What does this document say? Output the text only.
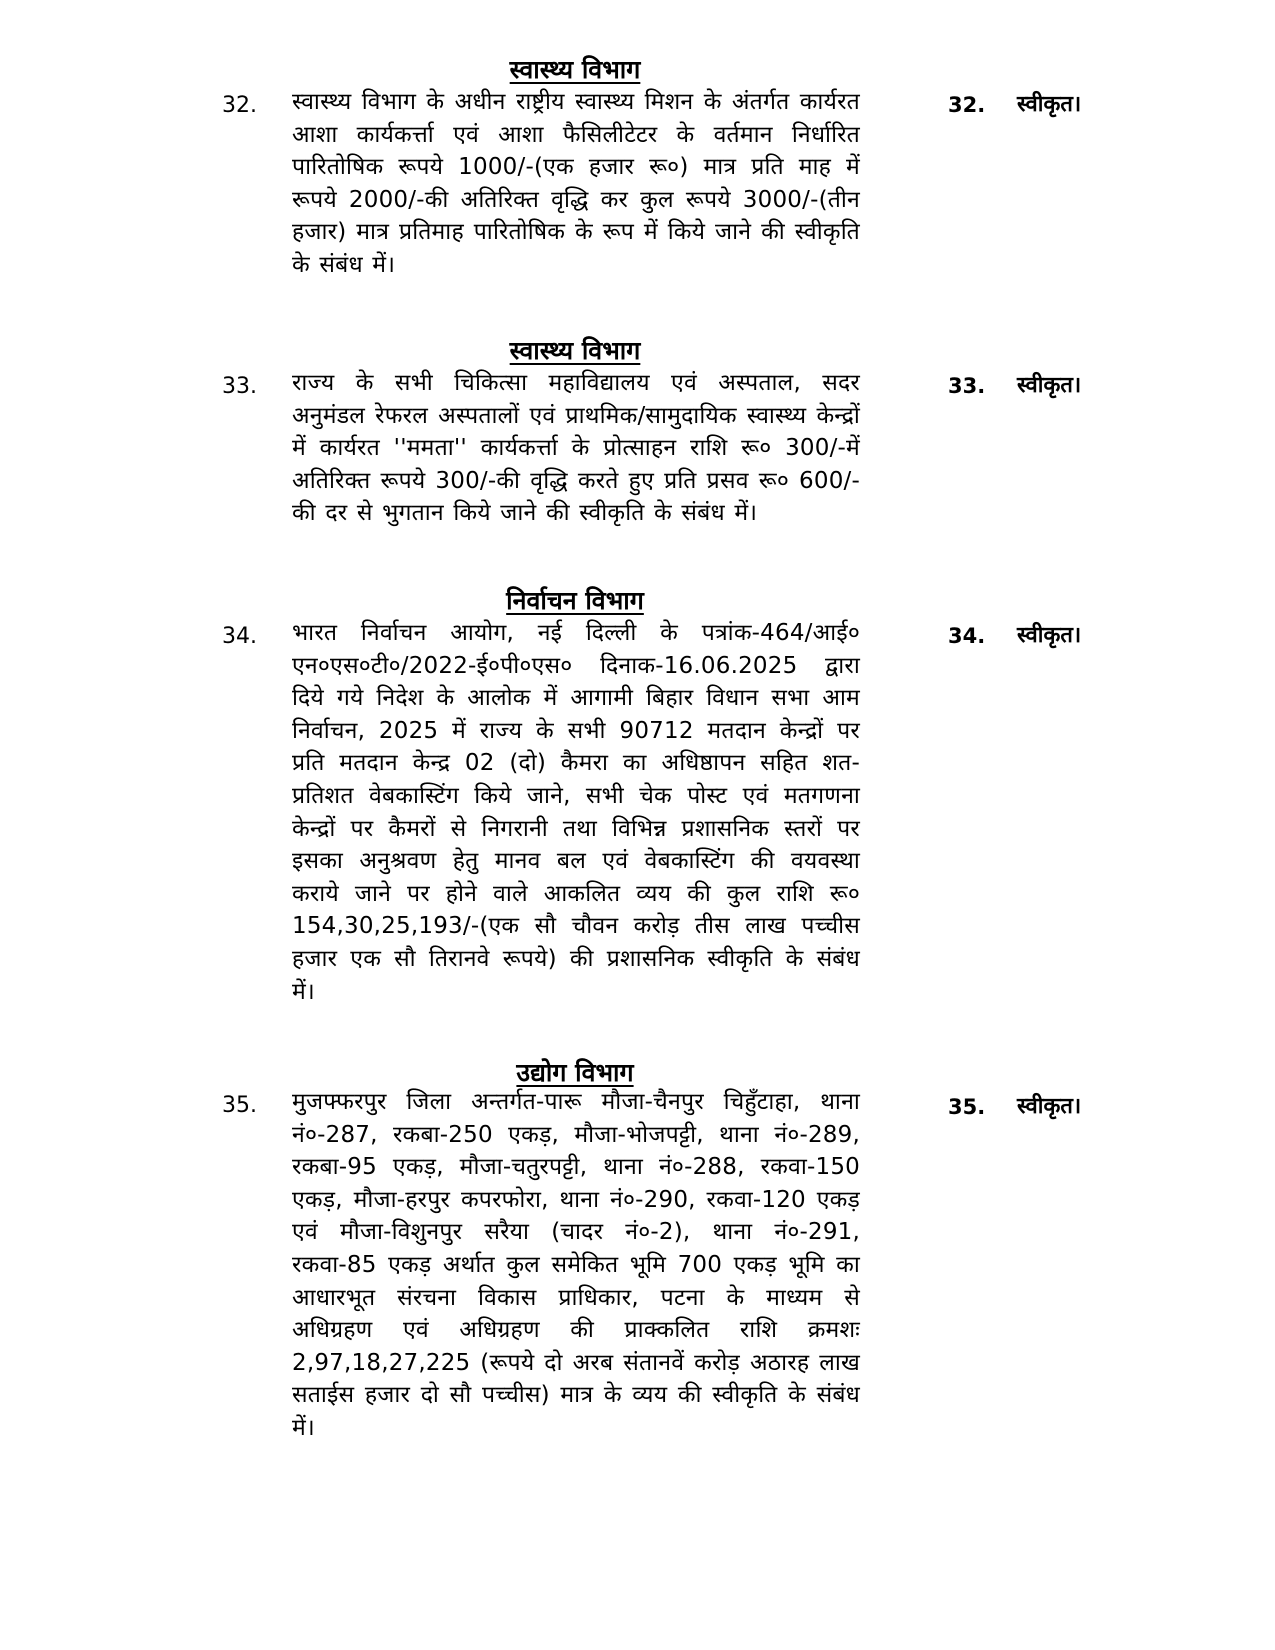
स्वास्थ्य विभाग
32. स्वास्थ्य विभाग के अधीन राष्ट्रीय स्वास्थ्य मिशन के अंतर्गत कार्यरत आशा कार्यकर्त्ता एवं आशा फैसिलीटेटर के वर्तमान निर्धारित पारितोषिक रूपये 1000/-(एक हजार रू०) मात्र प्रति माह में रूपये 2000/-की अतिरिक्त वृद्धि कर कुल रूपये 3000/-(तीन हजार) मात्र प्रतिमाह पारितोषिक के रूप में किये जाने की स्वीकृति के संबंध में।
32. स्वीकृत।
स्वास्थ्य विभाग
33. राज्य के सभी चिकित्सा महाविद्यालय एवं अस्पताल, सदर अनुमंडल रेफरल अस्पतालों एवं प्राथमिक/सामुदायिक स्वास्थ्य केन्द्रों में कार्यरत ''ममता'' कार्यकर्त्ता के प्रोत्साहन राशि रू० 300/-में अतिरिक्त रूपये 300/-की वृद्धि करते हुए प्रति प्रसव रू० 600/-की दर से भुगतान किये जाने की स्वीकृति के संबंध में।
33. स्वीकृत।
निर्वाचन विभाग
34. भारत निर्वाचन आयोग, नई दिल्ली के पत्रांक-464/आई० एन०एस०टी०/2022-ई०पी०एस० दिनाक-16.06.2025 द्वारा दिये गये निदेश के आलोक में आगामी बिहार विधान सभा आम निर्वाचन, 2025 में राज्य के सभी 90712 मतदान केन्द्रों पर प्रति मतदान केन्द्र 02 (दो) कैमरा का अधिष्ठापन सहित शत-प्रतिशत वेबकास्टिंग किये जाने, सभी चेक पोस्ट एवं मतगणना केन्द्रों पर कैमरों से निगरानी तथा विभिन्न प्रशासनिक स्तरों पर इसका अनुश्रवण हेतु मानव बल एवं वेबकास्टिंग की वयवस्था कराये जाने पर होने वाले आकलित व्यय की कुल राशि रू० 154,30,25,193/-(एक सौ चौवन करोड़ तीस लाख पच्चीस हजार एक सौ तिरानवे रूपये) की प्रशासनिक स्वीकृति के संबंध में।
34. स्वीकृत।
उद्योग विभाग
35. मुजफ्फरपुर जिला अन्तर्गत-पारू मौजा-चैनपुर चिहुँटाहा, थाना नं०-287, रकबा-250 एकड़, मौजा-भोजपट्टी, थाना नं०-289, रकबा-95 एकड़, मौजा-चतुरपट्टी, थाना नं०-288, रकवा-150 एकड़, मौजा-हरपुर कपरफोरा, थाना नं०-290, रकवा-120 एकड़ एवं मौजा-विशुनपुर सरैया (चादर नं०-2), थाना नं०-291, रकवा-85 एकड़ अर्थात कुल समेकित भूमि 700 एकड़ भूमि का आधारभूत संरचना विकास प्राधिकार, पटना के माध्यम से अधिग्रहण एवं अधिग्रहण की प्राक्कलित राशि क्रमशः 2,97,18,27,225 (रूपये दो अरब संतानवें करोड़ अठारह लाख सताईस हजार दो सौ पच्चीस) मात्र के व्यय की स्वीकृति के संबंध में।
35. स्वीकृत।
